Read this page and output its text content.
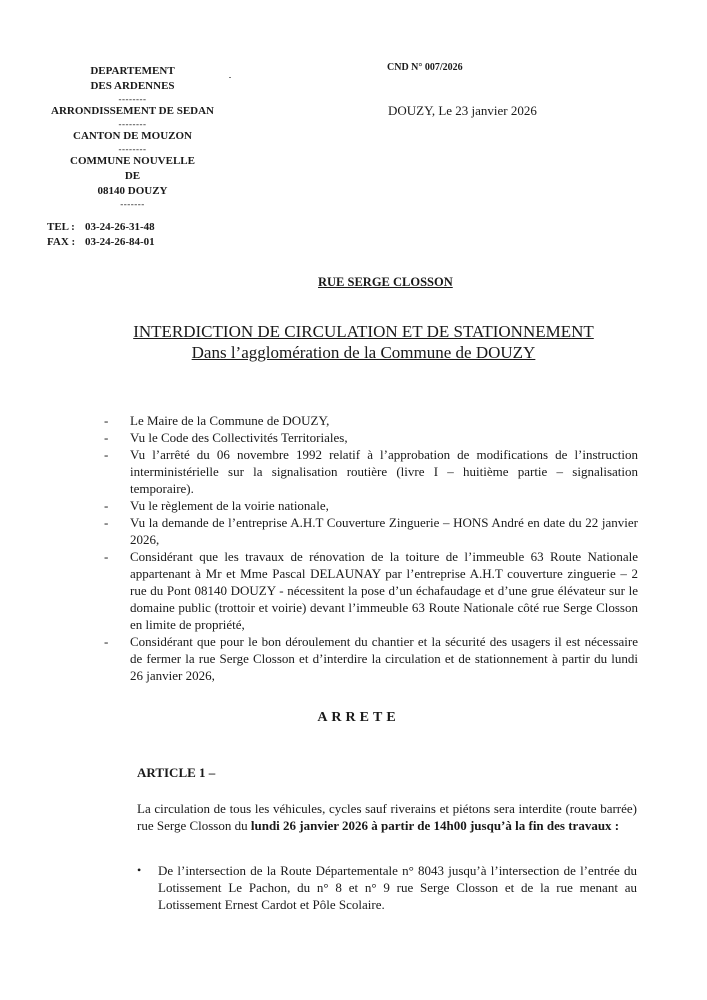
DEPARTEMENT
DES ARDENNES
--------
ARRONDISSEMENT DE SEDAN
--------
CANTON DE MOUZON
--------
COMMUNE NOUVELLE
DE
08140 DOUZY
-------
TEL : 03-24-26-31-48
FAX : 03-24-26-84-01
CND N° 007/2026
DOUZY, Le 23 janvier 2026
RUE SERGE CLOSSON
INTERDICTION DE CIRCULATION ET DE STATIONNEMENT
Dans l’agglomération de la Commune de DOUZY
- Le Maire de la Commune de DOUZY,
- Vu le Code des Collectivités Territoriales,
- Vu l’arrêté du 06 novembre 1992 relatif à l’approbation de modifications de l’instruction interministérielle sur la signalisation routière (livre I – huitième partie – signalisation temporaire).
- Vu le règlement de la voirie nationale,
- Vu la demande de l’entreprise A.H.T Couverture Zinguerie – HONS André en date du 22 janvier 2026,
- Considérant que les travaux de rénovation de la toiture de l’immeuble 63 Route Nationale appartenant à Mr et Mme Pascal DELAUNAY par l’entreprise A.H.T couverture zinguerie – 2 rue du Pont 08140 DOUZY - nécessitent la pose d’un échafaudage et d’une grue élévateur sur le domaine public (trottoir et voirie) devant l’immeuble 63 Route Nationale côté rue Serge Closson en limite de propriété,
- Considérant que pour le bon déroulement du chantier et la sécurité des usagers il est nécessaire de fermer la rue Serge Closson et d’interdire la circulation et de stationnement à partir du lundi 26 janvier 2026,
ARRETE
ARTICLE 1 –

La circulation de tous les véhicules, cycles sauf riverains et piétons sera interdite (route barrée) rue Serge Closson du lundi 26 janvier 2026 à partir de 14h00 jusqu’à la fin des travaux :

• De l’intersection de la Route Départementale n° 8043 jusqu’à l’intersection de l’entrée du Lotissement Le Pachon, du n° 8 et n° 9 rue Serge Closson et de la rue menant au Lotissement Ernest Cardot et Pôle Scolaire.
